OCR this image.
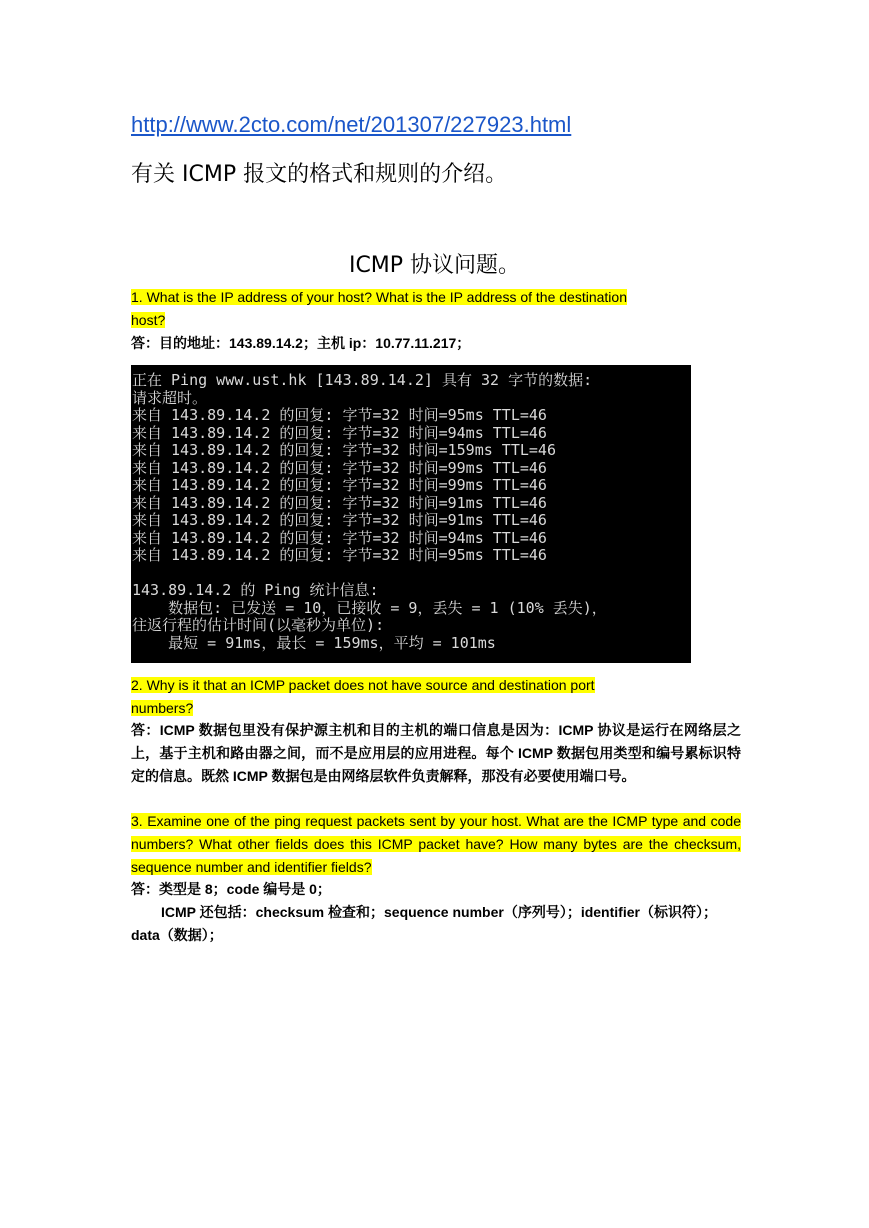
http://www.2cto.com/net/201307/227923.html
有关 ICMP 报文的格式和规则的介绍。
ICMP 协议问题。
1. What is the IP address of your host? What is the IP address of the destination
host?
答：目的地址：143.89.14.2；主机 ip：10.77.11.217；
正在 Ping www.ust.hk [143.89.14.2] 具有 32 字节的数据:
请求超时。
来自 143.89.14.2 的回复: 字节=32 时间=95ms TTL=46
来自 143.89.14.2 的回复: 字节=32 时间=94ms TTL=46
来自 143.89.14.2 的回复: 字节=32 时间=159ms TTL=46
来自 143.89.14.2 的回复: 字节=32 时间=99ms TTL=46
来自 143.89.14.2 的回复: 字节=32 时间=99ms TTL=46
来自 143.89.14.2 的回复: 字节=32 时间=91ms TTL=46
来自 143.89.14.2 的回复: 字节=32 时间=91ms TTL=46
来自 143.89.14.2 的回复: 字节=32 时间=94ms TTL=46
来自 143.89.14.2 的回复: 字节=32 时间=95ms TTL=46
143.89.14.2 的 Ping 统计信息:
数据包: 已发送 = 10，已接收 = 9，丢失 = 1 (10% 丢失)，
往返行程的估计时间(以毫秒为单位):
最短 = 91ms，最长 = 159ms，平均 = 101ms
2. Why is it that an ICMP packet does not have source and destination port
numbers?
答：ICMP 数据包里没有保护源主机和目的主机的端口信息是因为：ICMP 协议是运行在网络层之上，基于主机和路由器之间，而不是应用层的应用进程。每个 ICMP 数据包用类型和编号累标识特定的信息。既然 ICMP 数据包是由网络层软件负责解释，那没有必要使用端口号。
3. Examine one of the ping request packets sent by your host. What are the ICMP type and code numbers? What other fields does this ICMP packet have? How many bytes are the checksum, sequence number and identifier fields?
答：类型是 8；code 编号是 0；
ICMP 还包括：checksum 检查和；sequence number（序列号）；identifier（标识符）；data（数据）；
